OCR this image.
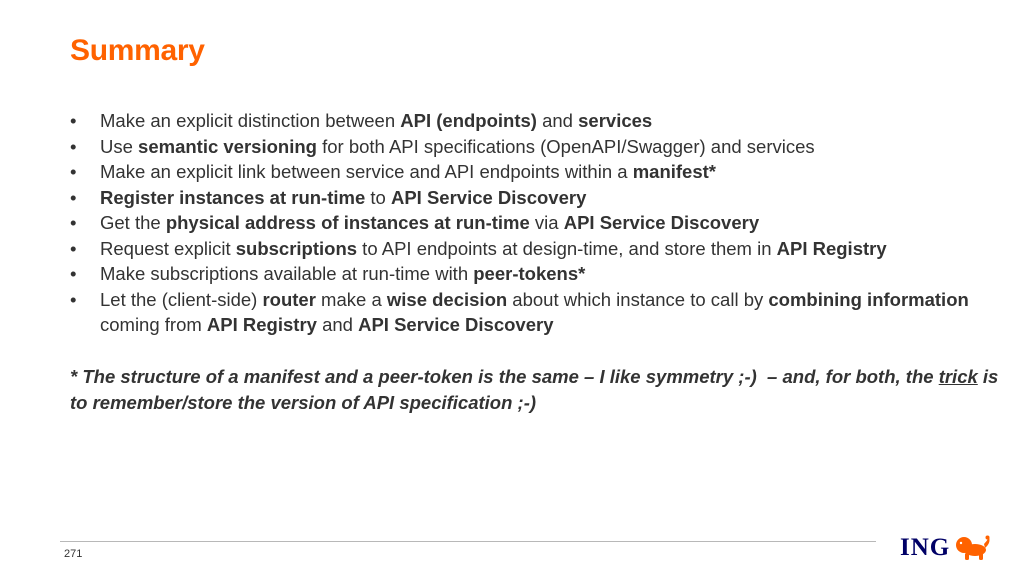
Summary
• Make an explicit distinction between API (endpoints) and services
• Use semantic versioning for both API specifications (OpenAPI/Swagger) and services
• Make an explicit link between service and API endpoints within a manifest*
• Register instances at run-time to API Service Discovery
• Get the physical address of instances at run-time via API Service Discovery
• Request explicit subscriptions to API endpoints at design-time, and store them in API Registry
• Make subscriptions available at run-time with peer-tokens*
• Let the (client-side) router make a wise decision about which instance to call by combining information coming from API Registry and API Service Discovery
* The structure of a manifest and a peer-token is the same – I like symmetry ;-)  – and, for both, the trick is to remember/store the version of API specification ;-)
271	ING
